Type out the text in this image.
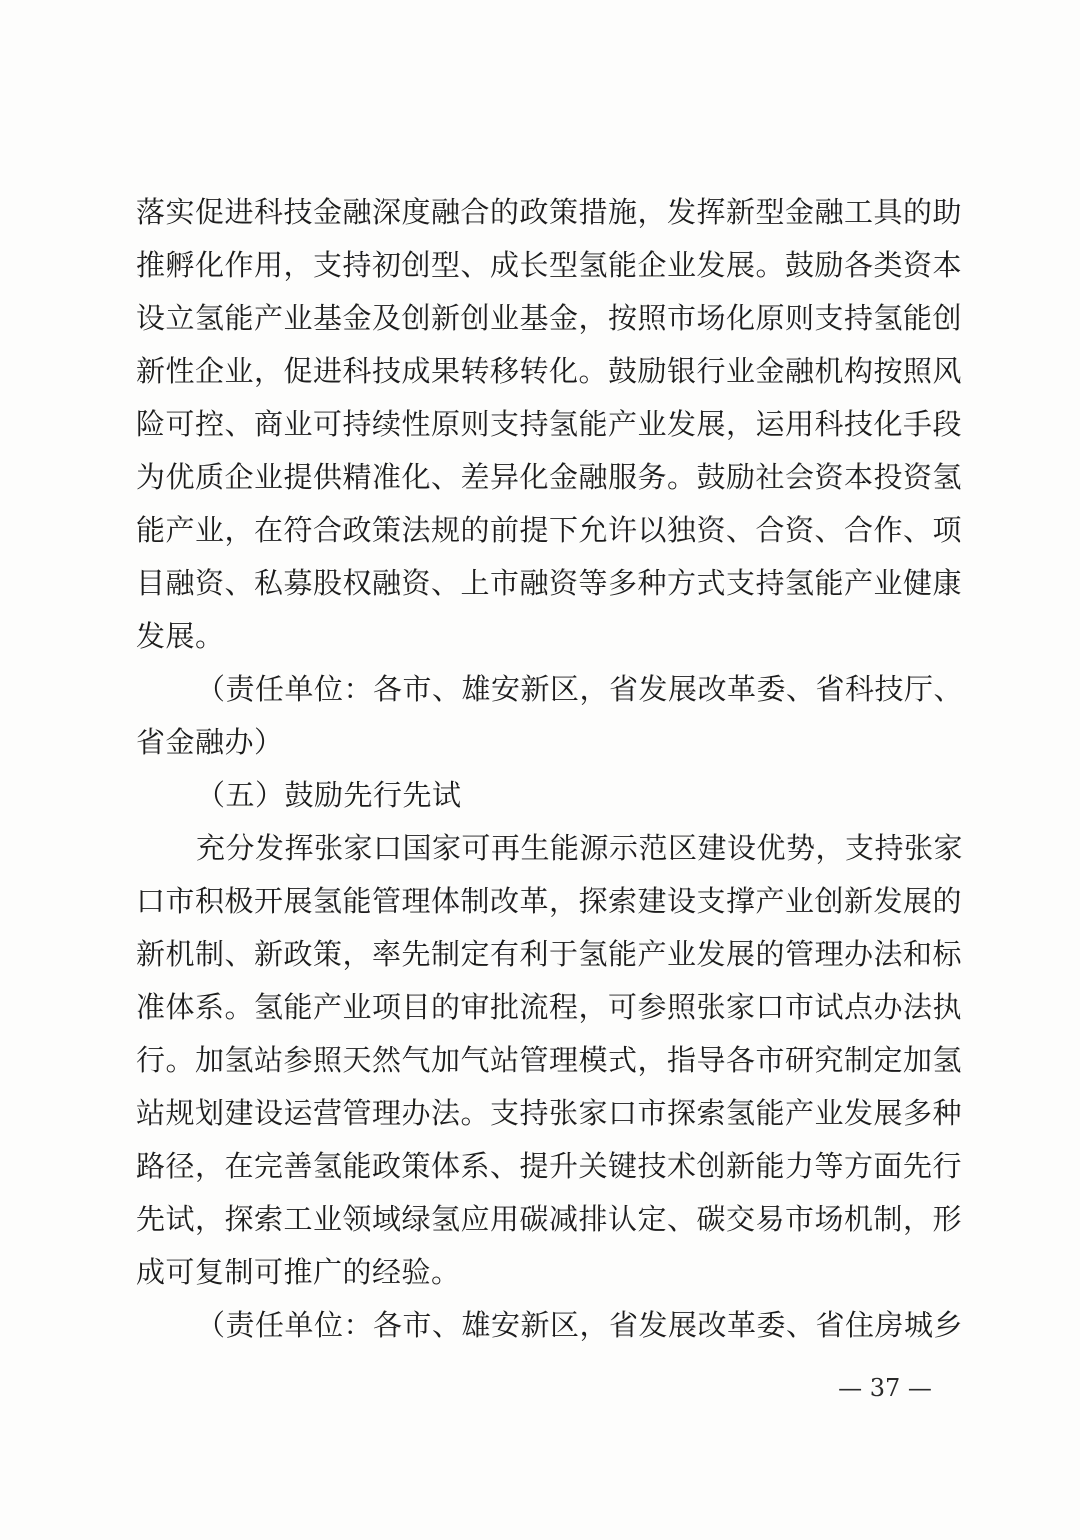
落实促进科技金融深度融合的政策措施，发挥新型金融工具的助
推孵化作用，支持初创型、成长型氢能企业发展。鼓励各类资本
设立氢能产业基金及创新创业基金，按照市场化原则支持氢能创
新性企业，促进科技成果转移转化。鼓励银行业金融机构按照风
险可控、商业可持续性原则支持氢能产业发展，运用科技化手段
为优质企业提供精准化、差异化金融服务。鼓励社会资本投资氢
能产业，在符合政策法规的前提下允许以独资、合资、合作、项
目融资、私募股权融资、上市融资等多种方式支持氢能产业健康
发展。
（责任单位：各市、雄安新区，省发展改革委、省科技厅、
省金融办）
（五）鼓励先行先试
充分发挥张家口国家可再生能源示范区建设优势，支持张家
口市积极开展氢能管理体制改革，探索建设支撑产业创新发展的
新机制、新政策，率先制定有利于氢能产业发展的管理办法和标
准体系。氢能产业项目的审批流程，可参照张家口市试点办法执
行。加氢站参照天然气加气站管理模式，指导各市研究制定加氢
站规划建设运营管理办法。支持张家口市探索氢能产业发展多种
路径，在完善氢能政策体系、提升关键技术创新能力等方面先行
先试，探索工业领域绿氢应用碳减排认定、碳交易市场机制，形
成可复制可推广的经验。
（责任单位：各市、雄安新区，省发展改革委、省住房城乡
— 37 —
